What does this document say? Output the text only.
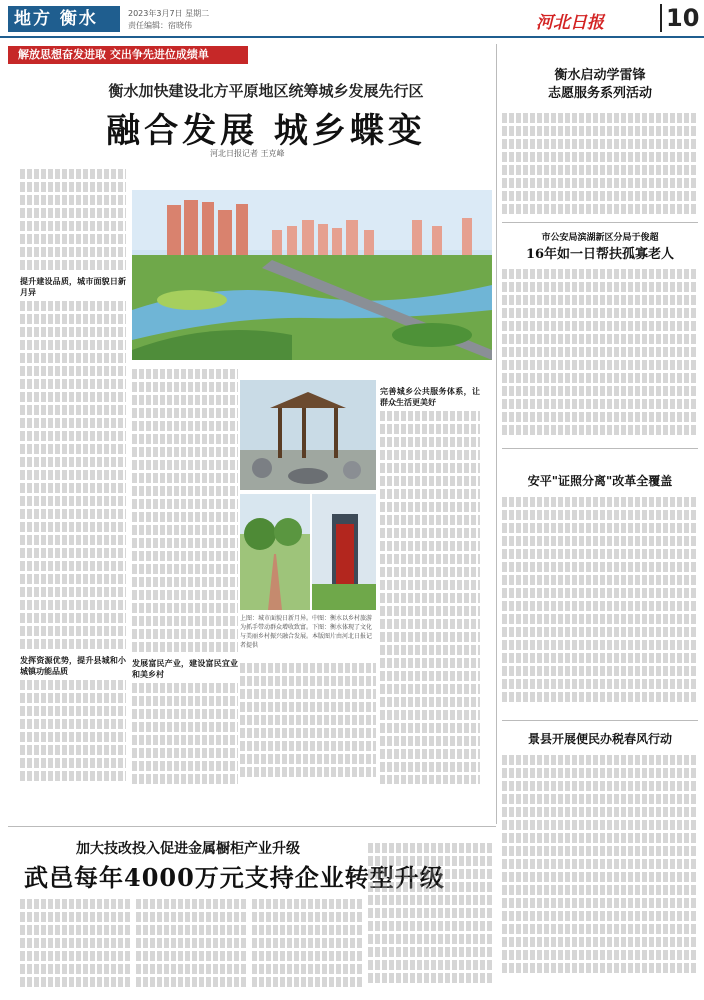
地方 衡水	2023年3月7日 星期二
责任编辑：宿晓伟	河北日报	10
解放思想奋发进取 交出争先进位成绩单
衡水加快建设北方平原地区统筹城乡发展先行区
融合发展 城乡蝶变
河北日报记者 王克峰
提升建设品质，城市面貌日新月异
发挥资源优势，提升县城和小城镇功能品质
发展富民产业，建设富民宜业和美乡村
完善城乡公共服务体系，让群众生活更美好
上图：城市面貌日新月异。中图：衡水以乡村旅游为抓手带动群众增收致富。下图：衡水体现了文化与美丽乡村振兴融合发展。本版图片由河北日报记者提供
衡水启动学雷锋
志愿服务系列活动
市公安局滨湖新区分局于俊超
16年如一日帮扶孤寡老人
安平"证照分离"改革全覆盖
景县开展便民办税春风行动
加大技改投入促进金属橱柜产业升级
武邑每年4000万元支持企业转型升级
